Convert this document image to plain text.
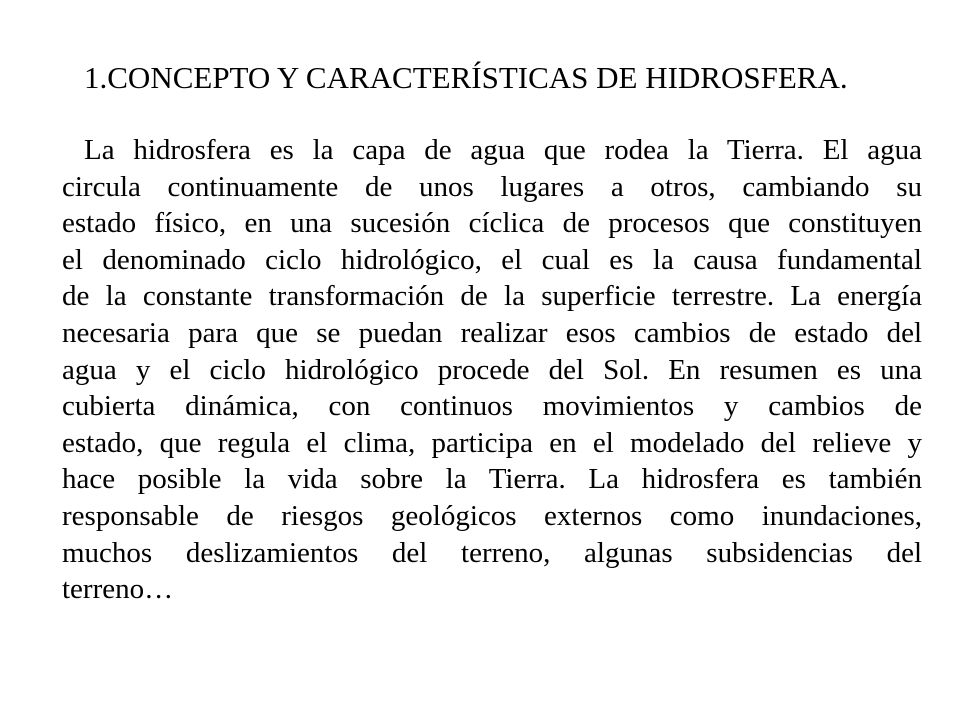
1.CONCEPTO Y CARACTERÍSTICAS DE HIDROSFERA.
La hidrosfera es la capa de agua que rodea la Tierra. El agua
circula continuamente de unos lugares a otros, cambiando su
estado físico, en una sucesión cíclica de procesos que constituyen
el denominado ciclo hidrológico, el cual es la causa fundamental
de la constante transformación de la superficie terrestre. La energía
necesaria para que se puedan realizar esos cambios de estado del
agua y el ciclo hidrológico procede del Sol. En resumen es una
cubierta dinámica, con continuos movimientos y cambios de
estado, que regula el clima, participa en el modelado del relieve y
hace posible la vida sobre la Tierra. La hidrosfera es también
responsable de riesgos geológicos externos como inundaciones,
muchos deslizamientos del terreno, algunas subsidencias del
terreno…
